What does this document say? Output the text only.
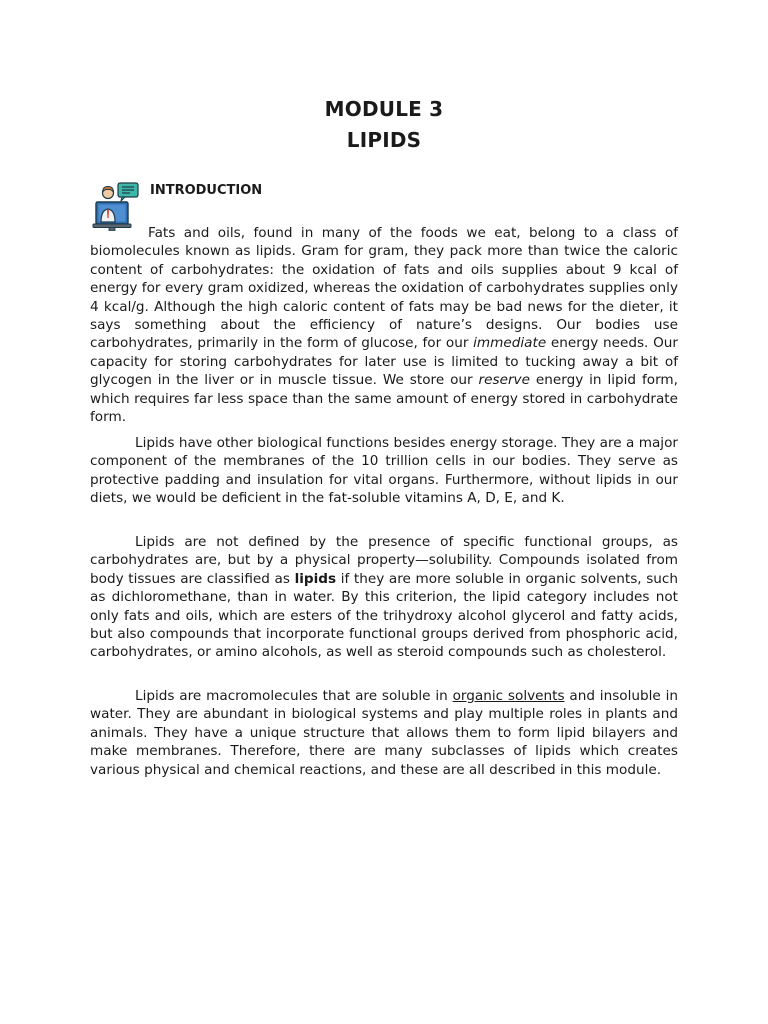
MODULE 3
LIPIDS
INTRODUCTION

Fats and oils, found in many of the foods we eat, belong to a class of biomolecules known as lipids. Gram for gram, they pack more than twice the caloric content of carbohydrates: the oxidation of fats and oils supplies about 9 kcal of energy for every gram oxidized, whereas the oxidation of carbohydrates supplies only 4 kcal/g. Although the high caloric content of fats may be bad news for the dieter, it says something about the efficiency of nature’s designs. Our bodies use carbohydrates, primarily in the form of glucose, for our immediate energy needs. Our capacity for storing carbohydrates for later use is limited to tucking away a bit of glycogen in the liver or in muscle tissue. We store our reserve energy in lipid form, which requires far less space than the same amount of energy stored in carbohydrate form.

Lipids have other biological functions besides energy storage. They are a major component of the membranes of the 10 trillion cells in our bodies. They serve as protective padding and insulation for vital organs. Furthermore, without lipids in our diets, we would be deficient in the fat-soluble vitamins A, D, E, and K.

Lipids are not defined by the presence of specific functional groups, as carbohydrates are, but by a physical property—solubility. Compounds isolated from body tissues are classified as lipids if they are more soluble in organic solvents, such as dichloromethane, than in water. By this criterion, the lipid category includes not only fats and oils, which are esters of the trihydroxy alcohol glycerol and fatty acids, but also compounds that incorporate functional groups derived from phosphoric acid, carbohydrates, or amino alcohols, as well as steroid compounds such as cholesterol.

Lipids are macromolecules that are soluble in organic solvents and insoluble in water. They are abundant in biological systems and play multiple roles in plants and animals. They have a unique structure that allows them to form lipid bilayers and make membranes. Therefore, there are many subclasses of lipids which creates various physical and chemical reactions, and these are all described in this module.
